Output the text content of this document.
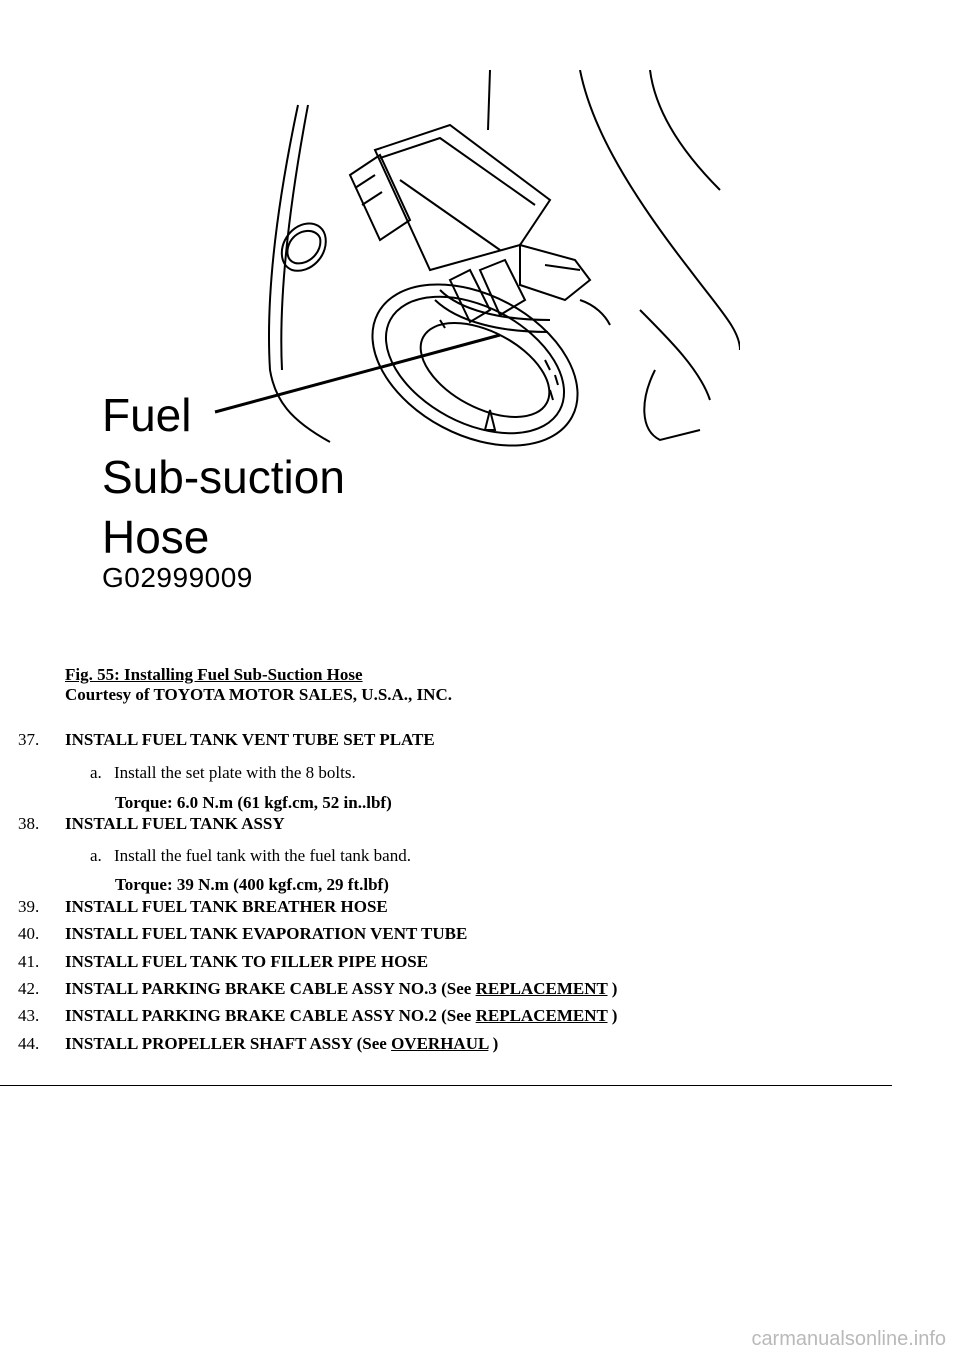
Fuel
Sub-suction
Hose
G02999009
Fig. 55: Installing Fuel Sub-Suction Hose
Courtesy of TOYOTA MOTOR SALES, U.S.A., INC.
37. INSTALL FUEL TANK VENT TUBE SET PLATE
a. Install the set plate with the 8 bolts.
Torque: 6.0 N.m (61 kgf.cm, 52 in..lbf)
38. INSTALL FUEL TANK ASSY
a. Install the fuel tank with the fuel tank band.
Torque: 39 N.m (400 kgf.cm, 29 ft.lbf)
39. INSTALL FUEL TANK BREATHER HOSE
40. INSTALL FUEL TANK EVAPORATION VENT TUBE
41. INSTALL FUEL TANK TO FILLER PIPE HOSE
42. INSTALL PARKING BRAKE CABLE ASSY NO.3 (See REPLACEMENT )
43. INSTALL PARKING BRAKE CABLE ASSY NO.2 (See REPLACEMENT )
44. INSTALL PROPELLER SHAFT ASSY (See OVERHAUL )
carmanualsonline.info
